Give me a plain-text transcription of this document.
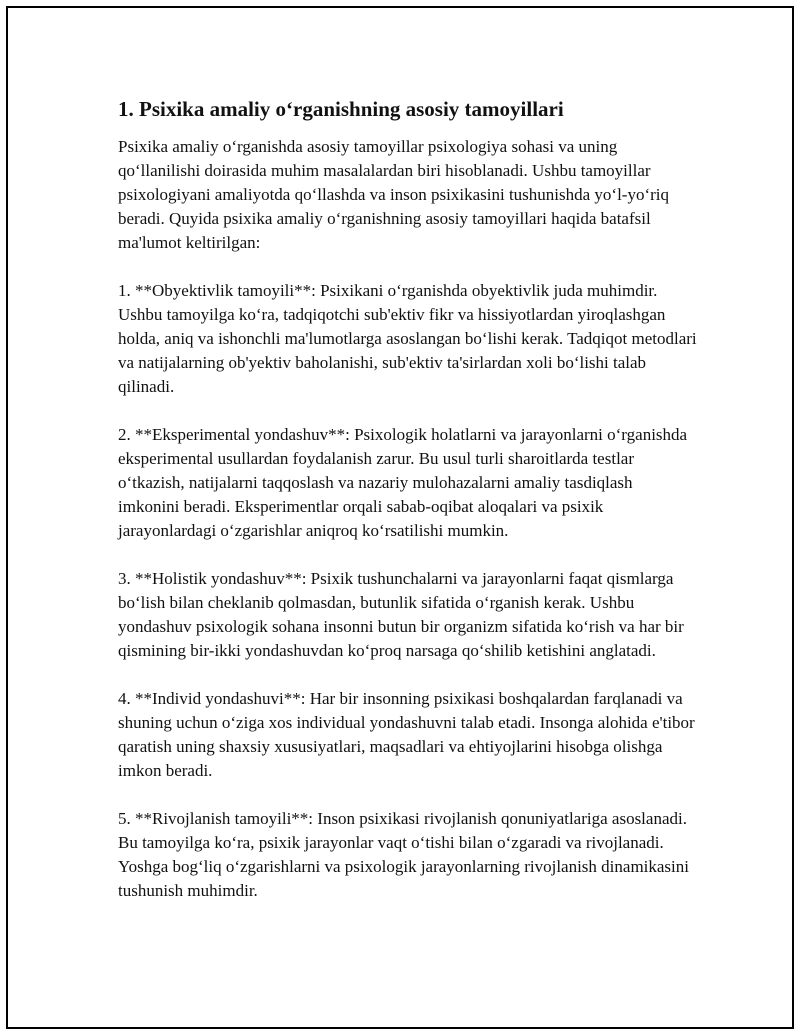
1. Psixika amaliy o‘rganishning asosiy tamoyillari

Psixika amaliy o‘rganishda asosiy tamoyillar psixologiya sohasi va uning qo‘llanilishi doirasida muhim masalalardan biri hisoblanadi. Ushbu tamoyillar psixologiyani amaliyotda qo‘llashda va inson psixikasini tushunishda yo‘l-yo‘riq beradi. Quyida psixika amaliy o‘rganishning asosiy tamoyillari haqida batafsil ma'lumot keltirilgan:

1. **Obyektivlik tamoyili**: Psixikani o‘rganishda obyektivlik juda muhimdir. Ushbu tamoyilga ko‘ra, tadqiqotchi sub'ektiv fikr va hissiyotlardan yiroqlashgan holda, aniq va ishonchli ma'lumotlarga asoslangan bo‘lishi kerak. Tadqiqot metodlari va natijalarning ob'yektiv baholanishi, sub'ektiv ta'sirlardan xoli bo‘lishi talab qilinadi.

2. **Eksperimental yondashuv**: Psixologik holatlarni va jarayonlarni o‘rganishda eksperimental usullardan foydalanish zarur. Bu usul turli sharoitlarda testlar o‘tkazish, natijalarni taqqoslash va nazariy mulohazalarni amaliy tasdiqlash imkonini beradi. Eksperimentlar orqali sabab-oqibat aloqalari va psixik jarayonlardagi o‘zgarishlar aniqroq ko‘rsatilishi mumkin.

3. **Holistik yondashuv**: Psixik tushunchalarni va jarayonlarni faqat qismlarga bo‘lish bilan cheklanib qolmasdan, butunlik sifatida o‘rganish kerak. Ushbu yondashuv psixologik sohana insonni butun bir organizm sifatida ko‘rish va har bir qismining bir-ikki yondashuvdan ko‘proq narsaga qo‘shilib ketishini anglatadi.

4. **Individ yondashuvi**: Har bir insonning psixikasi boshqalardan farqlanadi va shuning uchun o‘ziga xos individual yondashuvni talab etadi. Insonga alohida e'tibor qaratish uning shaxsiy xususiyatlari, maqsadlari va ehtiyojlarini hisobga olishga imkon beradi.

5. **Rivojlanish tamoyili**: Inson psixikasi rivojlanish qonuniyatlariga asoslanadi. Bu tamoyilga ko‘ra, psixik jarayonlar vaqt o‘tishi bilan o‘zgaradi va rivojlanadi. Yoshga bog‘liq o‘zgarishlarni va psixologik jarayonlarning rivojlanish dinamikasini tushunish muhimdir.
